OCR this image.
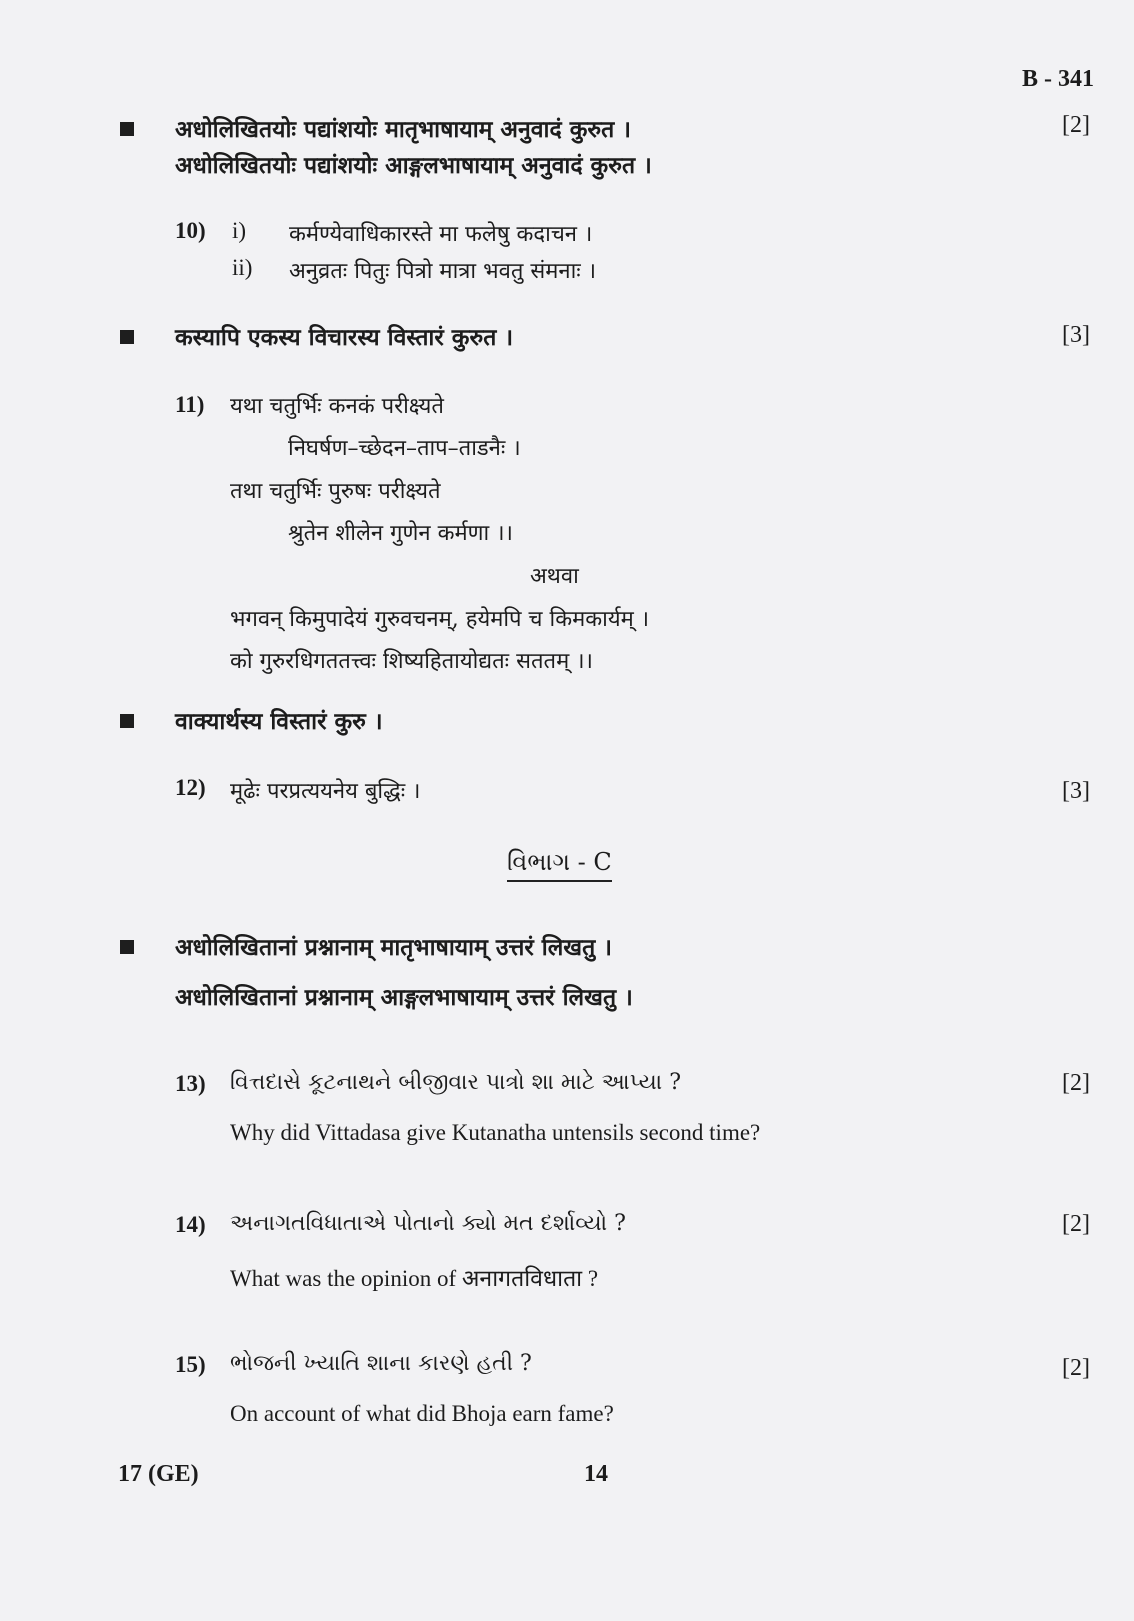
B - 341
अधोलिखितयोः पद्यांशयोः मातृभाषायाम् अनुवादं कुरुत ।	[2]
अधोलिखितयोः पद्यांशयोः आङ्गलभाषायाम् अनुवादं कुरुत ।
10) i) कर्मण्येवाधिकारस्ते मा फलेषु कदाचन ।
ii) अनुव्रतः पितुः पित्रो मात्रा भवतु संमनाः ।
कस्यापि एकस्य विचारस्य विस्तारं कुरुत ।	[3]
11) यथा चतुर्भिः कनकं परीक्ष्यते
निघर्षण–च्छेदन–ताप–ताडनैः ।
तथा चतुर्भिः पुरुषः परीक्ष्यते
श्रुतेन शीलेन गुणेन कर्मणा ।।
अथवा
भगवन् किमुपादेयं गुरुवचनम्, हयेमपि च किमकार्यम् ।
को गुरुरधिगततत्त्वः शिष्यहितायोद्यतः सततम् ।।
वाक्यार्थस्य विस्तारं कुरु ।
12) मूढेः परप्रत्ययनेय बुद्धिः ।	[3]
વિભાગ - C
अधोलिखितानां प्रश्नानाम् मातृभाषायाम् उत्तरं लिखतु ।
अधोलिखितानां प्रश्नानाम् आङ्गलभाषायाम् उत्तरं लिखतु ।
13) વિત્તદાસે કૂટનાથને બીજીવાર પાત્રો શા માટે આપ્યા ?	[2]
Why did Vittadasa give Kutanatha untensils second time?
14) અનાગતવિધાતાએ પોતાનો ક્યો મત દર્શાવ્યો ?	[2]
What was the opinion of अनागतविधाता ?
15) ભોજની ખ્યાતિ શાના કારણે હતી ?	[2]
On account of what did Bhoja earn fame?
17 (GE)	14
